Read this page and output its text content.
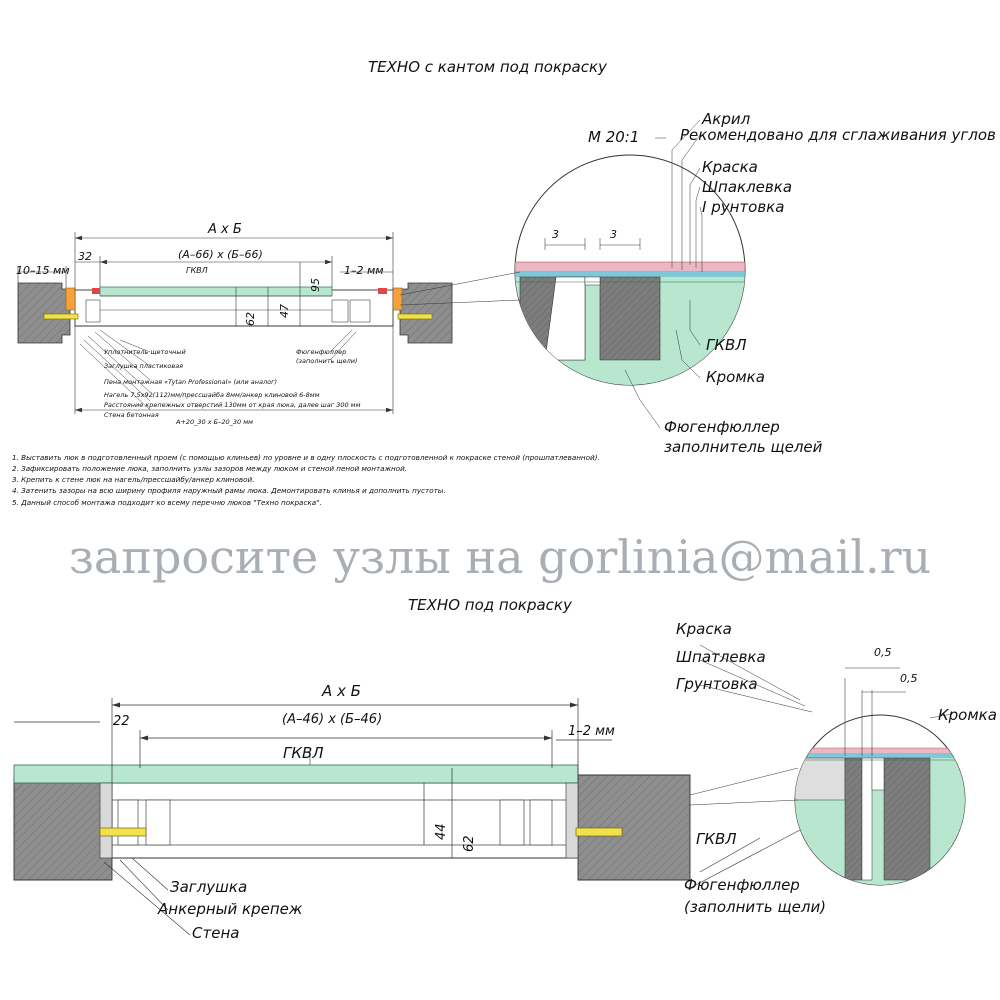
ТЕХНО с кантом под покраску
М 20:1
Акрил
Рекомендовано для сглаживания углов
Краска
Шпаклевка
I рунтовка
ГКВЛ
Кромка
Фюгенфюллер
заполнитель щелей
3	3
А х Б
(А–66) х (Б–66)
32
10–15 мм	1–2 мм
ГКВЛ
95
47
62
А+20_30 х Б–20_30 мм
Уплотнитель щеточный
Заглушка пластиковая
Пена монтажная «Tytan Professional» (или аналог)
Нагель 7,5х92(112)мм/прессшайба 8мм/анкер клиновой 6-8мм
Расстояние крепежных отверстий 130мм от края люка, далее шаг 300 мм
Стена бетонная
Фюгенфюллер
(заполнить щели)
1. Выставить люк в подготовленный проем (с помощью клиньев) по уровне и в одну плоскость с подготовленной к покраске стеной (прошпатлеванной).
2. Зафиксировать положение люка, заполнить узлы зазоров между люком и стеной пеной монтажной.
3. Крепить к стене люк на нагель/прессшайбу/анкер клиновой.
4. Затенить зазоры на всю ширину профиля наружный рамы люка. Демонтировать клинья и дополнить пустоты.
5. Данный способ монтажа подходит ко всему перечню люков "Техно покраска".
запросите узлы на gorlinia@mail.ru
ТЕХНО под покраску
Краска
Шпатлевка
Грунтовка
Кромка
ГКВЛ
Фюгенфюллер
(заполнить щели)
0,5
0,5
А х Б
(А–46) х (Б–46)
22
1–2 мм
ГКВЛ
44
62
Заглушка
Анкерный крепеж
Стена
